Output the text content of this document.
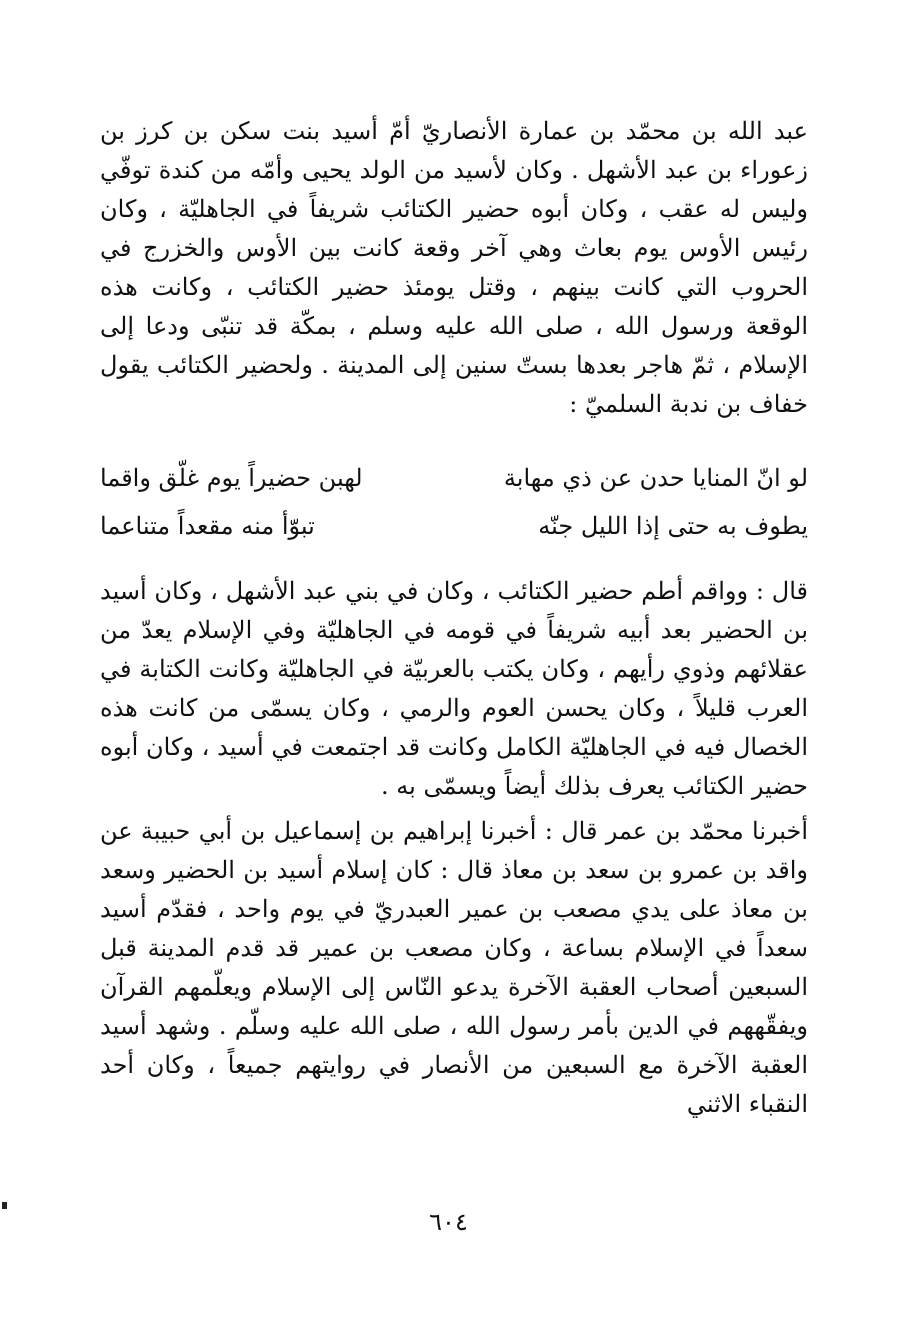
عبد الله بن محمّد بن عمارة الأنصاريّ أمّ أسيد بنت سكن بن كرز بن زعوراء بن عبد الأشهل . وكان لأسيد من الولد يحيى وأمّه من كندة توفّي وليس له عقب ، وكان أبوه حضير الكتائب شريفاً في الجاهليّة ، وكان رئيس الأوس يوم بعاث وهي آخر وقعة كانت بين الأوس والخزرج في الحروب التي كانت بينهم ، وقتل يومئذ حضير الكتائب ، وكانت هذه الوقعة ورسول الله ، صلى الله عليه وسلم ، بمكّة قد تنبّى ودعا إلى الإسلام ، ثمّ هاجر بعدها بستّ سنين إلى المدينة . ولحضير الكتائب يقول خفاف بن ندبة السلميّ :

لو انّ المنايا حدن عن ذي مهابة
لهبن حضيراً يوم غلّق واقما
يطوف به حتى إذا الليل جنّه
تبوّأ منه مقعداً متناعما

قال : وواقم أطم حضير الكتائب ، وكان في بني عبد الأشهل ، وكان أسيد بن الحضير بعد أبيه شريفاً في قومه في الجاهليّة وفي الإسلام يعدّ من عقلائهم وذوي رأيهم ، وكان يكتب بالعربيّة في الجاهليّة وكانت الكتابة في العرب قليلاً ، وكان يحسن العوم والرمي ، وكان يسمّى من كانت هذه الخصال فيه في الجاهليّة الكامل وكانت قد اجتمعت في أسيد ، وكان أبوه حضير الكتائب يعرف بذلك أيضاً ويسمّى به .

أخبرنا محمّد بن عمر قال : أخبرنا إبراهيم بن إسماعيل بن أبي حبيبة عن واقد بن عمرو بن سعد بن معاذ قال : كان إسلام أسيد بن الحضير وسعد بن معاذ على يدي مصعب بن عمير العبدريّ في يوم واحد ، فقدّم أسيد سعداً في الإسلام بساعة ، وكان مصعب بن عمير قد قدم المدينة قبل السبعين أصحاب العقبة الآخرة يدعو النّاس إلى الإسلام ويعلّمهم القرآن ويفقّههم في الدين بأمر رسول الله ، صلى الله عليه وسلّم . وشهد أسيد العقبة الآخرة مع السبعين من الأنصار في روايتهم جميعاً ، وكان أحد النقباء الاثني

٦٠٤
